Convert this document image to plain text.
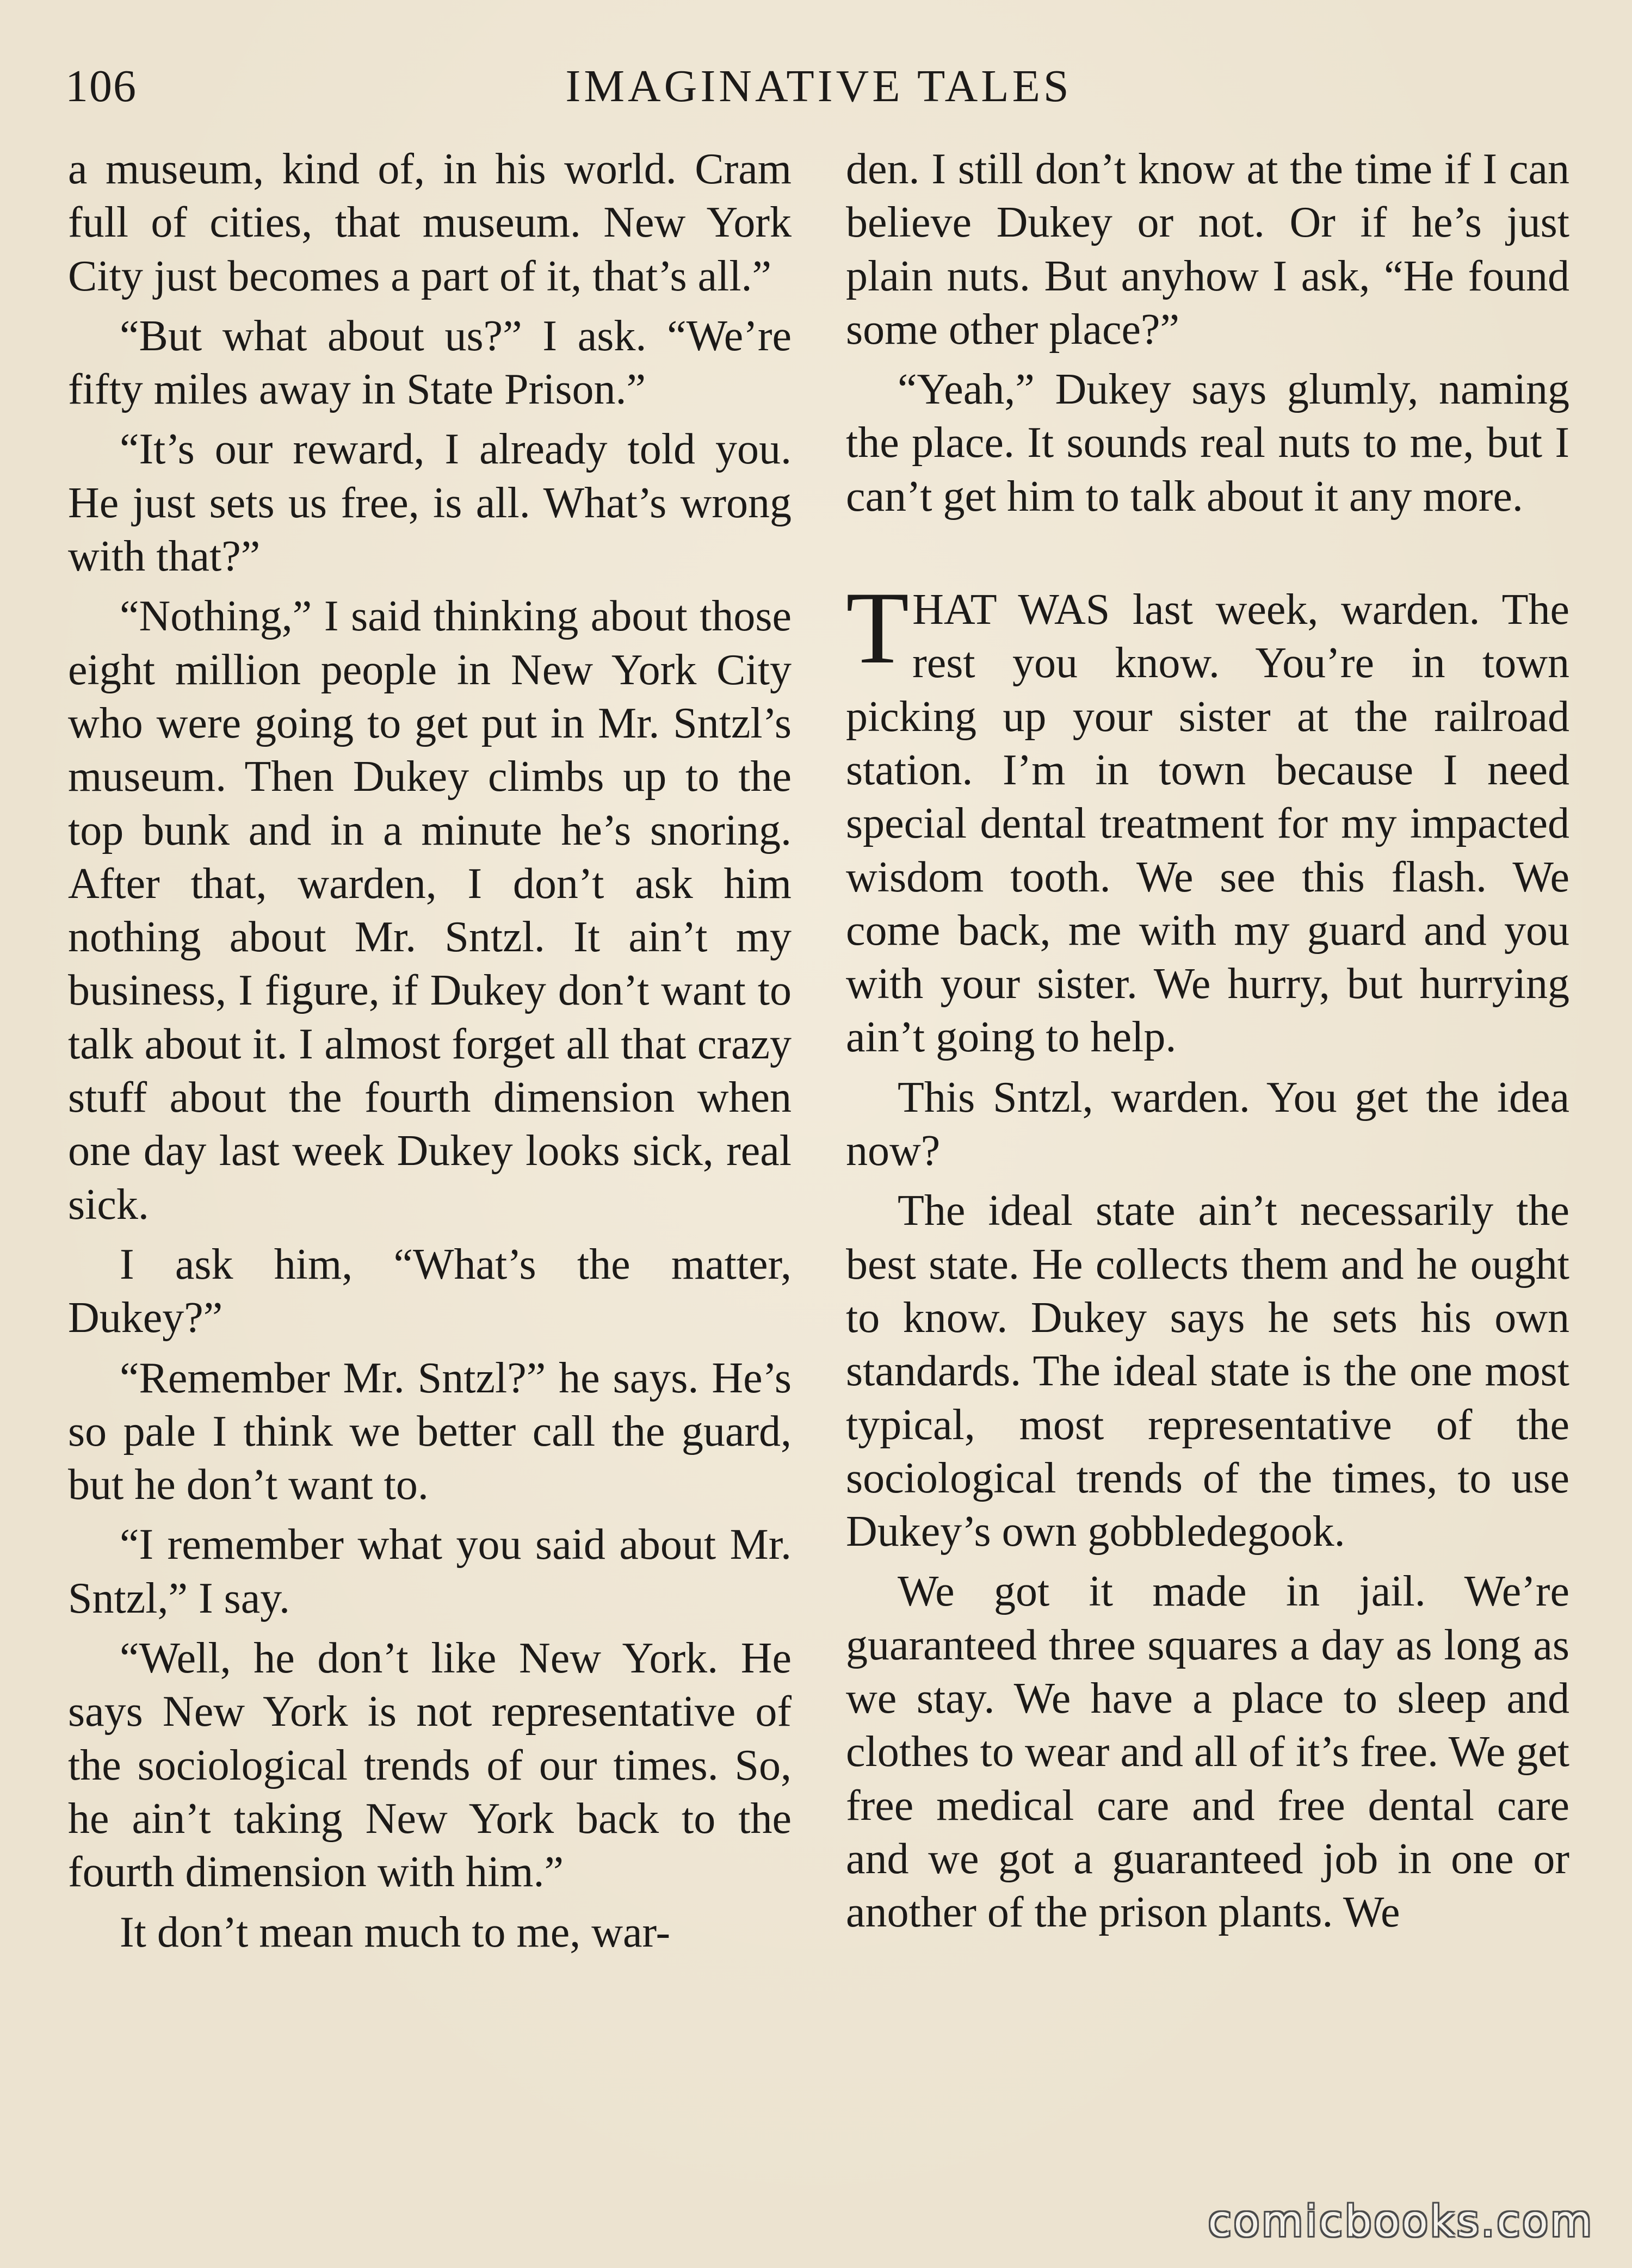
106	IMAGINATIVE TALES

a museum, kind of, in his world. Cram full of cities, that museum. New York City just becomes a part of it, that’s all.”

“But what about us?” I ask. “We’re fifty miles away in State Prison.”

“It’s our reward, I already told you. He just sets us free, is all. What’s wrong with that?”

“Nothing,” I said thinking about those eight million people in New York City who were going to get put in Mr. Sntzl’s museum. Then Dukey climbs up to the top bunk and in a minute he’s snoring. After that, warden, I don’t ask him nothing about Mr. Sntzl. It ain’t my business, I figure, if Dukey don’t want to talk about it. I almost forget all that crazy stuff about the fourth dimension when one day last week Dukey looks sick, real sick.

I ask him, “What’s the matter, Dukey?”

“Remember Mr. Sntzl?” he says. He’s so pale I think we better call the guard, but he don’t want to.

“I remember what you said about Mr. Sntzl,” I say.

“Well, he don’t like New York. He says New York is not representative of the sociological trends of our times. So, he ain’t taking New York back to the fourth dimension with him.”

It don’t mean much to me, war-

den. I still don’t know at the time if I can believe Dukey or not. Or if he’s just plain nuts. But anyhow I ask, “He found some other place?”

“Yeah,” Dukey says glumly, naming the place. It sounds real nuts to me, but I can’t get him to talk about it any more.

THAT WAS last week, warden. The rest you know. You’re in town picking up your sister at the railroad station. I’m in town because I need special dental treatment for my impacted wisdom tooth. We see this flash. We come back, me with my guard and you with your sister. We hurry, but hurrying ain’t going to help.

This Sntzl, warden. You get the idea now?

The ideal state ain’t necessarily the best state. He collects them and he ought to know. Dukey says he sets his own standards. The ideal state is the one most typical, most representative of the sociological trends of the times, to use Dukey’s own gobbledegook.

We got it made in jail. We’re guaranteed three squares a day as long as we stay. We have a place to sleep and clothes to wear and all of it’s free. We get free medical care and free dental care and we got a guaranteed job in one or another of the prison plants. We

comicbooks.com
